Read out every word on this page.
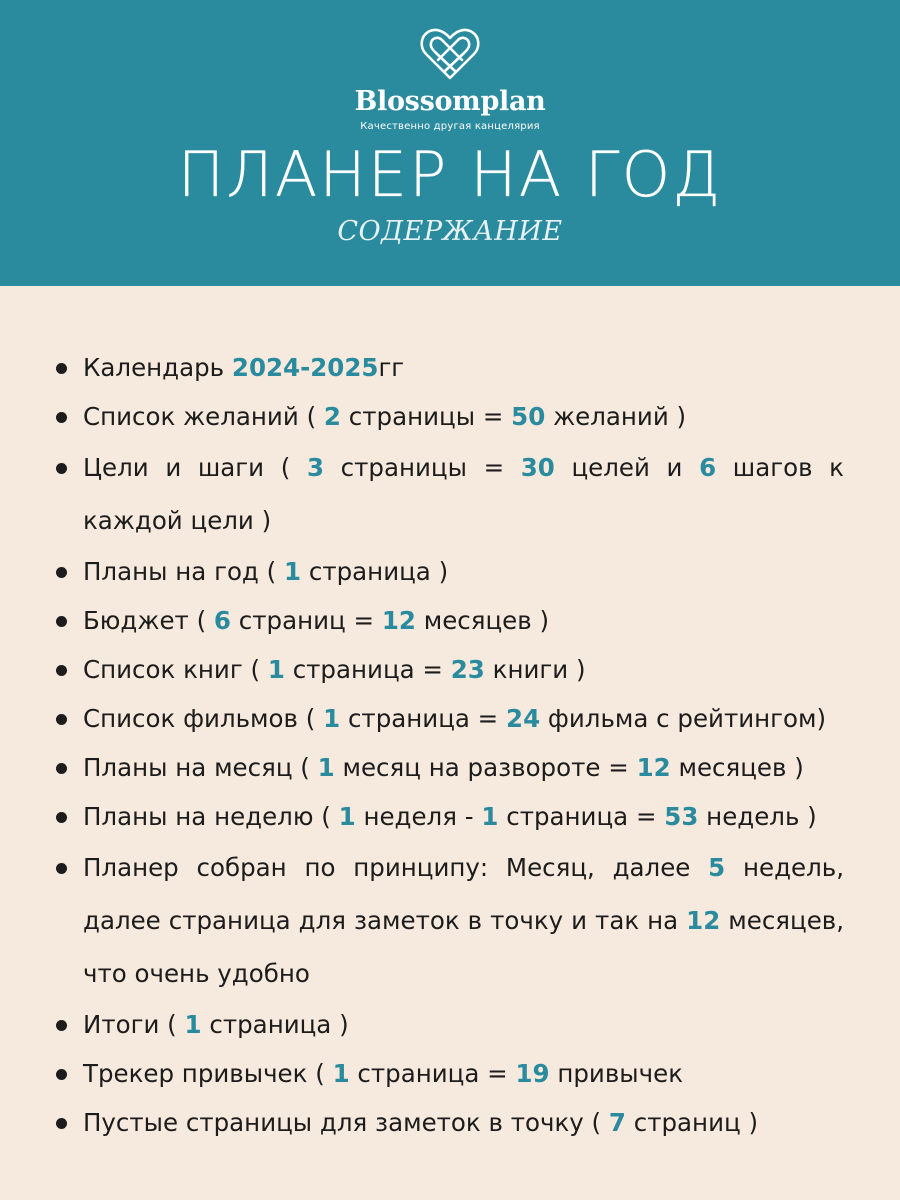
Blossomplan
Качественно другая канцелярия
ПЛАНЕР НА ГОД
СОДЕРЖАНИЕ
Календарь 2024-2025гг
Список желаний ( 2 страницы = 50 желаний )
Цели и шаги ( 3 страницы = 30 целей и 6 шагов к каждой цели )
Планы на год ( 1 страница )
Бюджет ( 6 страниц = 12 месяцев )
Список книг ( 1 страница = 23 книги )
Список фильмов ( 1 страница = 24 фильма с рейтингом)
Планы на месяц ( 1 месяц на развороте = 12 месяцев )
Планы на неделю ( 1 неделя - 1 страница = 53 недель )
Планер собран по принципу: Месяц, далее 5 недель, далее страница для заметок в точку и так на 12 месяцев, что очень удобно
Итоги ( 1 страница )
Трекер привычек ( 1 страница = 19 привычек
Пустые страницы для заметок в точку ( 7 страниц )
